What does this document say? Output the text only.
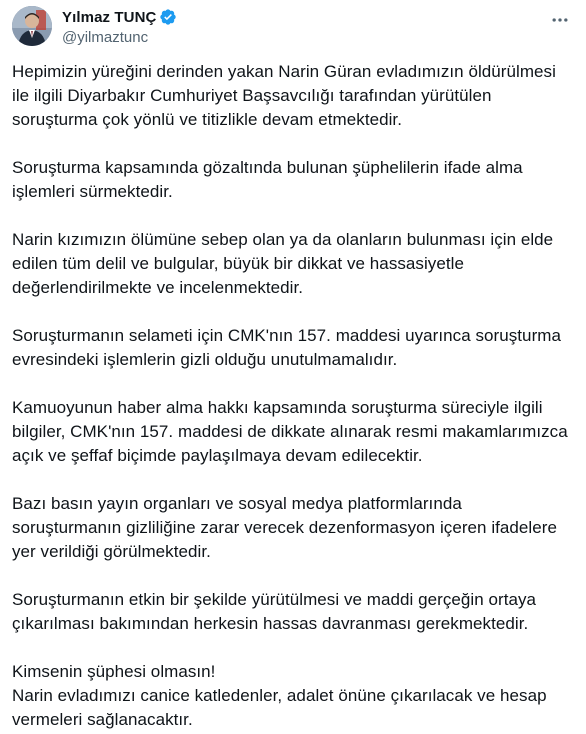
Yılmaz TUNÇ
@yilmaztunc

Hepimizin yüreğini derinden yakan Narin Güran evladımızın öldürülmesi
ile ilgili Diyarbakır Cumhuriyet Başsavcılığı tarafından yürütülen
soruşturma çok yönlü ve titizlikle devam etmektedir.

Soruşturma kapsamında gözaltında bulunan şüphelilerin ifade alma
işlemleri sürmektedir.

Narin kızımızın ölümüne sebep olan ya da olanların bulunması için elde
edilen tüm delil ve bulgular, büyük bir dikkat ve hassasiyetle
değerlendirilmekte ve incelenmektedir.

Soruşturmanın selameti için CMK'nın 157. maddesi uyarınca soruşturma
evresindeki işlemlerin gizli olduğu unutulmamalıdır.

Kamuoyunun haber alma hakkı kapsamında soruşturma süreciyle ilgili
bilgiler, CMK'nın 157. maddesi de dikkate alınarak resmi makamlarımızca
açık ve şeffaf biçimde paylaşılmaya devam edilecektir.

Bazı basın yayın organları ve sosyal medya platformlarında
soruşturmanın gizliliğine zarar verecek dezenformasyon içeren ifadelere
yer verildiği görülmektedir.

Soruşturmanın etkin bir şekilde yürütülmesi ve maddi gerçeğin ortaya
çıkarılması bakımından herkesin hassas davranması gerekmektedir.

Kimsenin şüphesi olmasın!
Narin evladımızı canice katledenler, adalet önüne çıkarılacak ve hesap
vermeleri sağlanacaktır.
